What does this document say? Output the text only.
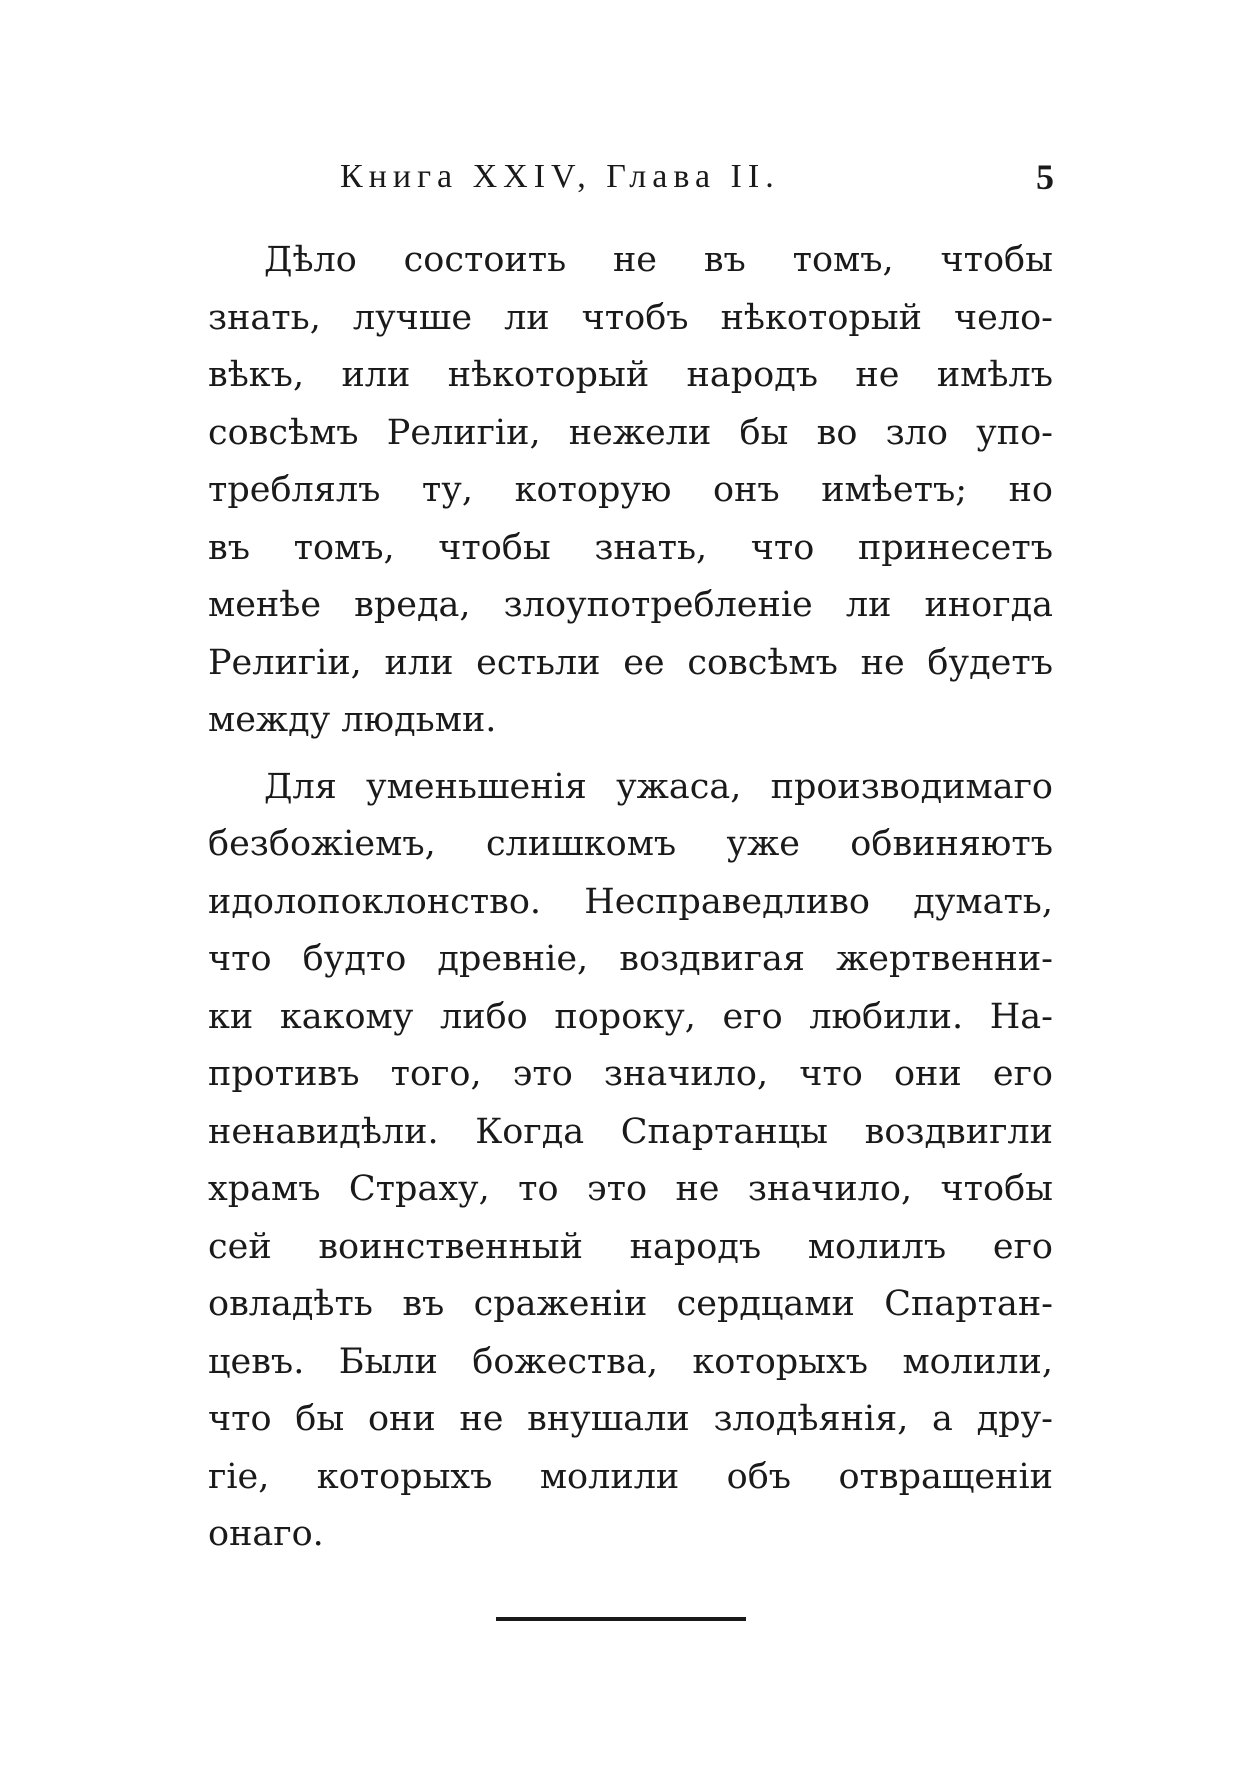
Книга XXIV, Глава II.	5
Дѣло состоить не въ томъ, чтобы
знать, лучше ли чтобъ нѣкоторый чело-
вѣкъ, или нѣкоторый народъ не имѣлъ
совсѣмъ Религіи, нежели бы во зло упо-
треблялъ ту, которую онъ имѣетъ; но
въ томъ, чтобы знать, что принесетъ
менѣе вреда, злоупотребленіе ли иногда
Религіи, или естьли ее совсѣмъ не будетъ
между людьми.
Для уменьшенія ужаса, производимаго
безбожіемъ, слишкомъ уже обвиняютъ
идолопоклонство. Несправедливо думать,
что будто древніе, воздвигая жертвенни-
ки какому либо пороку, его любили. На-
противъ того, это значило, что они его
ненавидѣли. Когда Спартанцы воздвигли
храмъ Страху, то это не значило, чтобы
сей воинственный народъ молилъ его
овладѣть въ сраженіи сердцами Спартан-
цевъ. Были божества, которыхъ молили,
что бы они не внушали злодѣянія, а дру-
гіе, которыхъ молили объ отвращеніи
онаго.
